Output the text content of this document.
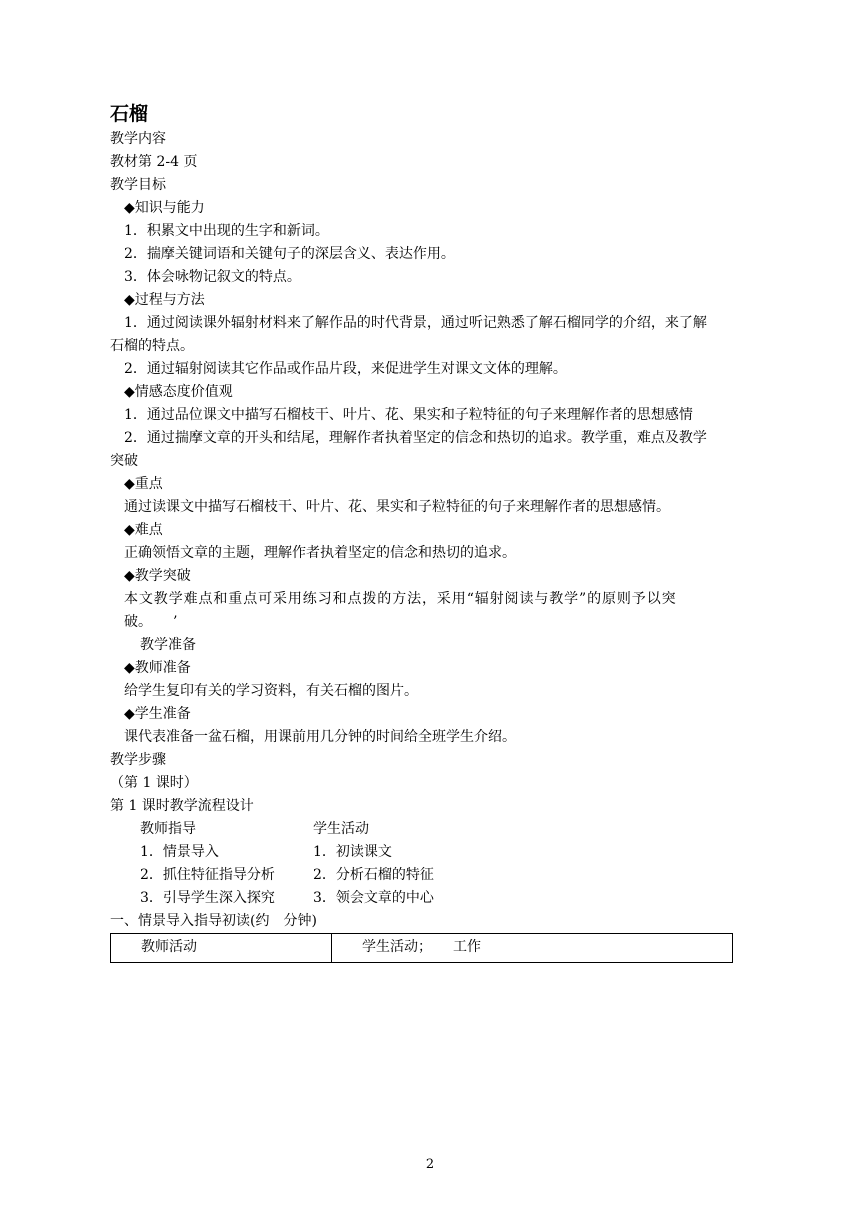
石榴
教学内容
教材第 2-4 页
教学目标
◆知识与能力
1．积累文中出现的生字和新词。
2．揣摩关键词语和关键句子的深层含义、表达作用。
3．体会咏物记叙文的特点。
◆过程与方法
1．通过阅读课外辐射材料来了解作品的时代背景，通过听记熟悉了解石榴同学的介绍，来了解
石榴的特点。
2．通过辐射阅读其它作品或作品片段，来促进学生对课文文体的理解。
◆情感态度价值观
1．通过品位课文中描写石榴枝干、叶片、花、果实和子粒特征的句子来理解作者的思想感情
2．通过揣摩文章的开头和结尾，理解作者执着坚定的信念和热切的追求。教学重，难点及教学
突破
◆重点
通过读课文中描写石榴枝干、叶片、花、果实和子粒特征的句子来理解作者的思想感情。
◆难点
正确领悟文章的主题，理解作者执着坚定的信念和热切的追求。
◆教学突破
本文教学难点和重点可采用练习和点拨的方法，采用“辐射阅读与教学”的原则予以突
破。　　’
教学准备
◆教师准备
给学生复印有关的学习资料，有关石榴的图片。
◆学生准备
课代表准备一盆石榴，用课前用几分钟的时间给全班学生介绍。
教学步骤
（第 1 课时）
第 1 课时教学流程设计
教师指导	学生活动
1．情景导入	1．初读课文
2．抓住特征指导分析	2．分析石榴的特征
3．引导学生深入探究	3．领会文章的中心
一、情景导入指导初读(约　分钟)
教师活动	学生活动；　　工作
2
